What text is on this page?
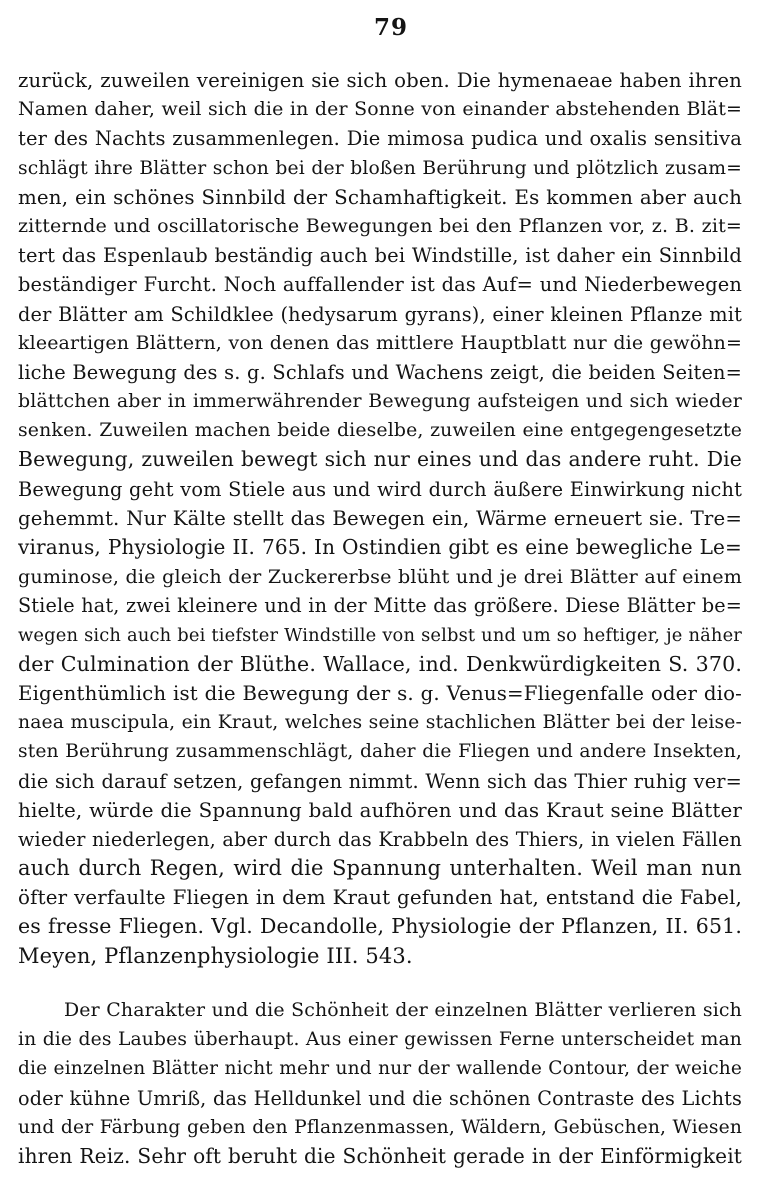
79
zurück, zuweilen vereinigen sie sich oben. Die hymenaeae haben ihren
Namen daher, weil sich die in der Sonne von einander abstehenden Blät=
ter des Nachts zusammenlegen. Die mimosa pudica und oxalis sensitiva
schlägt ihre Blätter schon bei der bloßen Berührung und plötzlich zusam=
men, ein schönes Sinnbild der Schamhaftigkeit. Es kommen aber auch
zitternde und oscillatorische Bewegungen bei den Pflanzen vor, z. B. zit=
tert das Espenlaub beständig auch bei Windstille, ist daher ein Sinnbild
beständiger Furcht. Noch auffallender ist das Auf= und Niederbewegen
der Blätter am Schildklee (hedysarum gyrans), einer kleinen Pflanze mit
kleeartigen Blättern, von denen das mittlere Hauptblatt nur die gewöhn=
liche Bewegung des s. g. Schlafs und Wachens zeigt, die beiden Seiten=
blättchen aber in immerwährender Bewegung aufsteigen und sich wieder
senken. Zuweilen machen beide dieselbe, zuweilen eine entgegengesetzte
Bewegung, zuweilen bewegt sich nur eines und das andere ruht. Die
Bewegung geht vom Stiele aus und wird durch äußere Einwirkung nicht
gehemmt. Nur Kälte stellt das Bewegen ein, Wärme erneuert sie. Tre=
viranus, Physiologie II. 765. In Ostindien gibt es eine bewegliche Le=
guminose, die gleich der Zuckererbse blüht und je drei Blätter auf einem
Stiele hat, zwei kleinere und in der Mitte das größere. Diese Blätter be=
wegen sich auch bei tiefster Windstille von selbst und um so heftiger, je näher
der Culmination der Blüthe. Wallace, ind. Denkwürdigkeiten S. 370.
Eigenthümlich ist die Bewegung der s. g. Venus=Fliegenfalle oder dio-
naea muscipula, ein Kraut, welches seine stachlichen Blätter bei der leise-
sten Berührung zusammenschlägt, daher die Fliegen und andere Insekten,
die sich darauf setzen, gefangen nimmt. Wenn sich das Thier ruhig ver=
hielte, würde die Spannung bald aufhören und das Kraut seine Blätter
wieder niederlegen, aber durch das Krabbeln des Thiers, in vielen Fällen
auch durch Regen, wird die Spannung unterhalten. Weil man nun
öfter verfaulte Fliegen in dem Kraut gefunden hat, entstand die Fabel,
es fresse Fliegen. Vgl. Decandolle, Physiologie der Pflanzen, II. 651.
Meyen, Pflanzenphysiologie III. 543.
Der Charakter und die Schönheit der einzelnen Blätter verlieren sich
in die des Laubes überhaupt. Aus einer gewissen Ferne unterscheidet man
die einzelnen Blätter nicht mehr und nur der wallende Contour, der weiche
oder kühne Umriß, das Helldunkel und die schönen Contraste des Lichts
und der Färbung geben den Pflanzenmassen, Wäldern, Gebüschen, Wiesen
ihren Reiz. Sehr oft beruht die Schönheit gerade in der Einförmigkeit
